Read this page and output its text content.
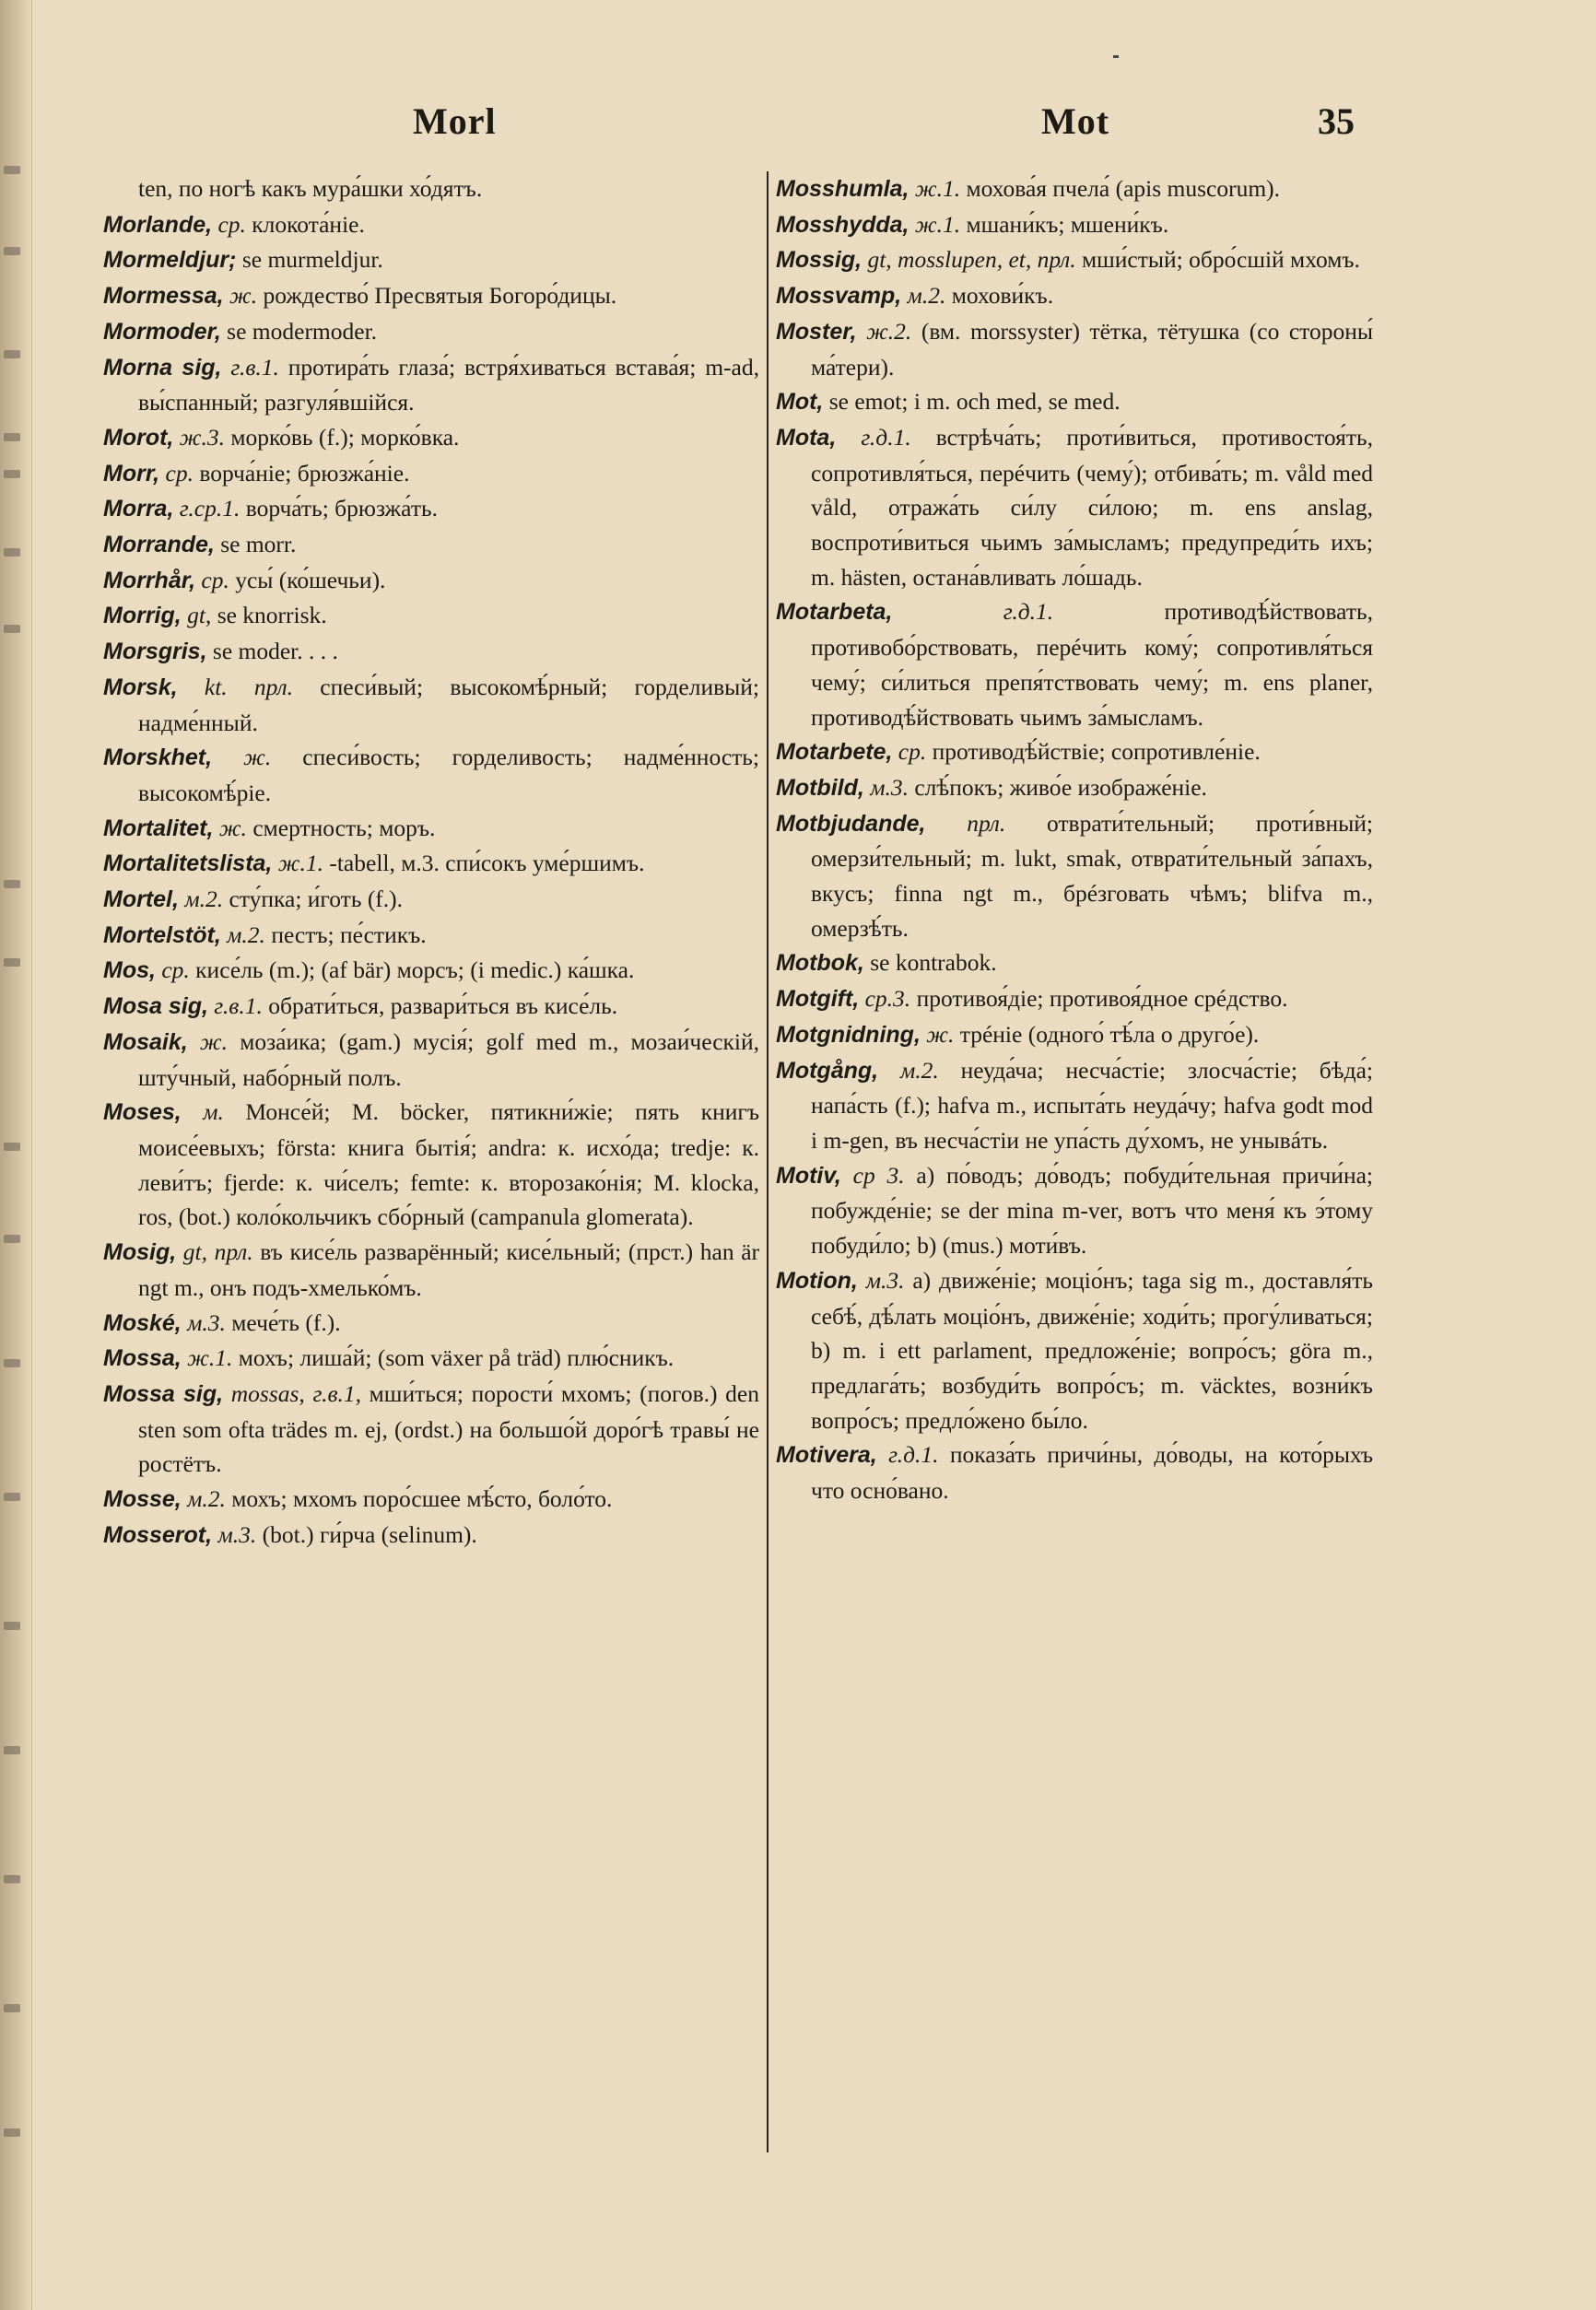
Morl	Mot	35

ten, по ногѣ какъ мура́шки хо́дятъ.

Morlande, ср. клокота́нie.

Mormeldjur; se murmeldjur.

Mormessa, ж. рождество́ Пресвятыя Богоро́дицы.

Mormoder, se modermoder.

Morna sig, г.в.1. протира́ть глаза́; встря́хиваться встава́я; m-ad, вы́спанный; разгуля́вшiйся.

Morot, ж.3. морко́вь (f.); морко́вка.

Morr, ср. ворча́нie; брюзжа́нie.

Morra, г.ср.1. ворча́ть; брюзжа́ть.

Morrande, se morr.

Morrhår, ср. усы́ (ко́шечьи).

Morrig, gt, se knorrisk.

Morsgris, se moder. . . .

Morsk, kt. прл. спеси́вый; высокомѣ́рный; горделивый; надме́нный.

Morskhet, ж. спеси́вость; горделивость; надме́нность; высокомѣ́рie.

Mortalitet, ж. смертность; моръ.

Mortalitetslista, ж.1. -tabell, м.3. спи́сокъ уме́ршимъ.

Mortel, м.2. сту́пка; и́готь (f.).

Mortelstöt, м.2. пестъ; пе́стикъ.

Mos, ср. кисе́ль (m.); (af bär) морсъ; (i medic.) ка́шка.

Mosa sig, г.в.1. обрати́ться, развари́ться въ кисе́ль.

Mosaik, ж. моза́ика; (gam.) мусiя́; golf med m., мозаи́ческiй, шту́чный, набо́рный полъ.

Moses, м. Монсе́й; M. böcker, пятикни́жie; пять книгъ моисе́евыхъ; första: книга бытiя́; andra: к. исхо́да; tredje: к. леви́тъ; fjerde: к. чи́селъ; femte: к. второзако́нiя; M. klocka, ros, (bot.) коло́кольчикъ сбо́рный (campanula glomerata).

Mosig, gt, прл. въ кисе́ль разварённый; кисе́льный; (прст.) han är ngt m., онъ подъ-хмелько́мъ.

Moské, м.3. мече́ть (f.).

Mossa, ж.1. мохъ; лиша́й; (som växer på träd) плю́сникъ.

Mossa sig, mossas, г.в.1, мши́ться; порости́ мхомъ; (погов.) den sten som ofta trädes m. ej, (ordst.) на большо́й доро́гѣ травы́ не ростётъ.

Mosse, м.2. мохъ; мхомъ поро́сшее мѣ́сто, боло́то.

Mosserot, м.3. (bot.) ги́рча (selinum).

Mosshumla, ж.1. мохова́я пчела́ (apis muscorum).

Mosshydda, ж.1. мшани́къ; мшени́къ.

Mossig, gt, mosslupen, et, прл. мши́стый; обро́сшiй мхомъ.

Mossvamp, м.2. мохови́къ.

Moster, ж.2. (вм. morssyster) тётка, тётушка (со стороны́ ма́тери).

Mot, se emot; i m. och med, se med.

Mota, г.д.1. встрѣча́ть; проти́виться, противостоя́ть, сопротивля́ться, перéчить (чему́); отбива́ть; m. våld med våld, отража́ть си́лу си́лою; m. ens anslag, воспроти́виться чьимъ за́мысламъ; предупреди́ть ихъ; m. hästen, остана́вливать ло́шадь.

Motarbeta,	г.д.1.	противодѣ́йствовать, противобо́рствовать, перéчить кому́; сопротивля́ться чему́; си́литься препя́тствовать чему́; m. ens planer, противодѣ́йствовать чьимъ за́мысламъ.

Motarbete, ср. противодѣ́йствie; сопротивле́нie.

Motbild, м.3. слѣ́покъ; живо́е изображе́нie.

Motbjudande, прл. отврати́тельный; проти́вный; омерзи́тельный; m. lukt, smak, отврати́тельный за́пахъ, вкусъ; finna ngt m., брéзговать чѣмъ; blifva m., омерзѣ́ть.

Motbok, se kontrabok.

Motgift, ср.3. противоя́дie; противоя́дное срéдство.

Motgnidning, ж. трéнie (одного́ тѣ́ла о друго́е).

Motgång, м.2. неуда́ча; несча́стie; злосча́стie; бѣда́; напа́сть (f.); hafva m., испыта́ть неуда́чу; hafva godt mod i m-gen, въ несча́стiи не упа́сть ду́хомъ, не унывáть.

Motiv, ср 3. a) по́водъ; до́водъ; побуди́тельная причи́на; побужде́нie; se der mina m-ver, вотъ что меня́ къ э́тому побуди́ло; b) (mus.) моти́въ.

Motion, м.3. a) движе́нie; моцiо́нъ; taga sig m., доставля́ть себѣ́, дѣ́лать моцiо́нъ, движе́нie; ходи́ть; прогу́ливаться; b) m. i ett parlament, предложе́нie; вопро́съ; göra m., предлага́ть; возбуди́ть вопро́съ; m. väcktes, возни́къ вопро́съ; предло́жено бы́ло.

Motivera, г.д.1. показа́ть причи́ны, до́воды, на кото́рыхъ что осно́вано.
